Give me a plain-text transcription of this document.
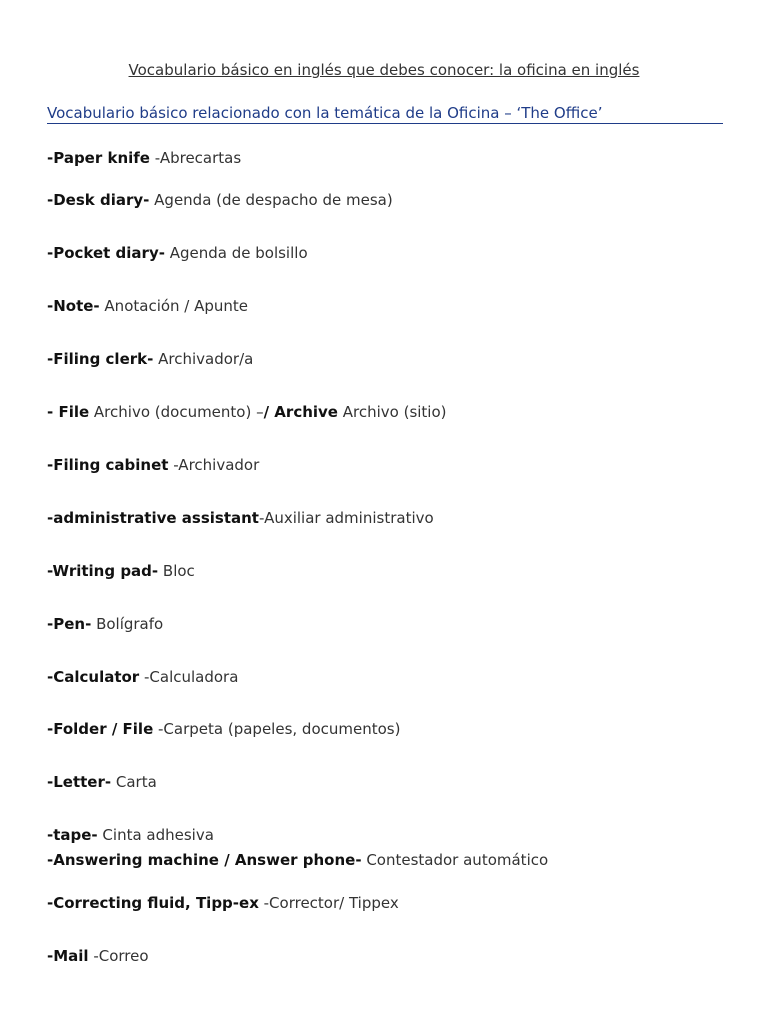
Vocabulario básico en inglés que debes conocer: la oficina en inglés
Vocabulario básico relacionado con la temática de la Oficina – ‘The Office’
-Paper knife -Abrecartas
-Desk diary- Agenda (de despacho de mesa)
-Pocket diary- Agenda de bolsillo
-Note- Anotación / Apunte
-Filing clerk- Archivador/a
- File Archivo (documento) –/ Archive Archivo (sitio)
-Filing cabinet -Archivador
-administrative assistant-Auxiliar administrativo
-Writing pad- Bloc
-Pen- Bolígrafo
-Calculator -Calculadora
-Folder / File -Carpeta (papeles, documentos)
-Letter- Carta
-tape- Cinta adhesiva
-Answering machine / Answer phone- Contestador automático
-Correcting fluid, Tipp-ex -Corrector/ Tippex
-Mail -Correo
